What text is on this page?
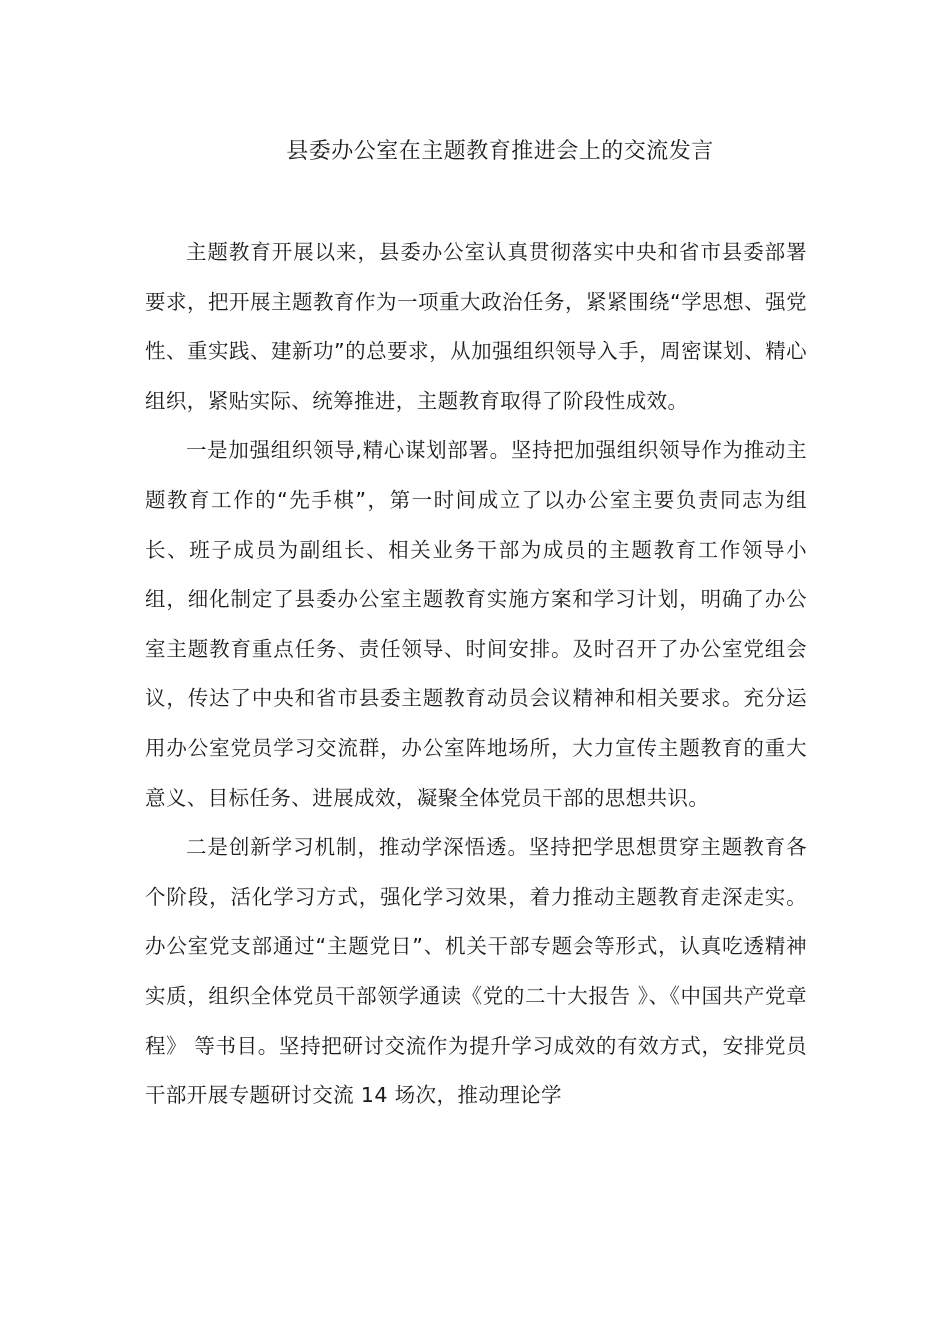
县委办公室在主题教育推进会上的交流发言

主题教育开展以来，县委办公室认真贯彻落实中央和省市县委部署要求，把开展主题教育作为一项重大政治任务，紧紧围绕“学思想、强党性、重实践、建新功”的总要求，从加强组织领导入手，周密谋划、精心组织，紧贴实际、统筹推进，主题教育取得了阶段性成效。

一是加强组织领导,精心谋划部署。坚持把加强组织领导作为推动主题教育工作的“先手棋”，第一时间成立了以办公室主要负责同志为组长、班子成员为副组长、相关业务干部为成员的主题教育工作领导小组，细化制定了县委办公室主题教育实施方案和学习计划，明确了办公室主题教育重点任务、责任领导、时间安排。及时召开了办公室党组会议，传达了中央和省市县委主题教育动员会议精神和相关要求。充分运用办公室党员学习交流群，办公室阵地场所，大力宣传主题教育的重大意义、目标任务、进展成效，凝聚全体党员干部的思想共识。

二是创新学习机制，推动学深悟透。坚持把学思想贯穿主题教育各个阶段，活化学习方式，强化学习效果，着力推动主题教育走深走实。办公室党支部通过“主题党日”、机关干部专题会等形式，认真吃透精神实质，组织全体党员干部领学通读《党的二十大报告 》、《中国共产党章程》 等书目。坚持把研讨交流作为提升学习成效的有效方式，安排党员干部开展专题研讨交流 14 场次，推动理论学
